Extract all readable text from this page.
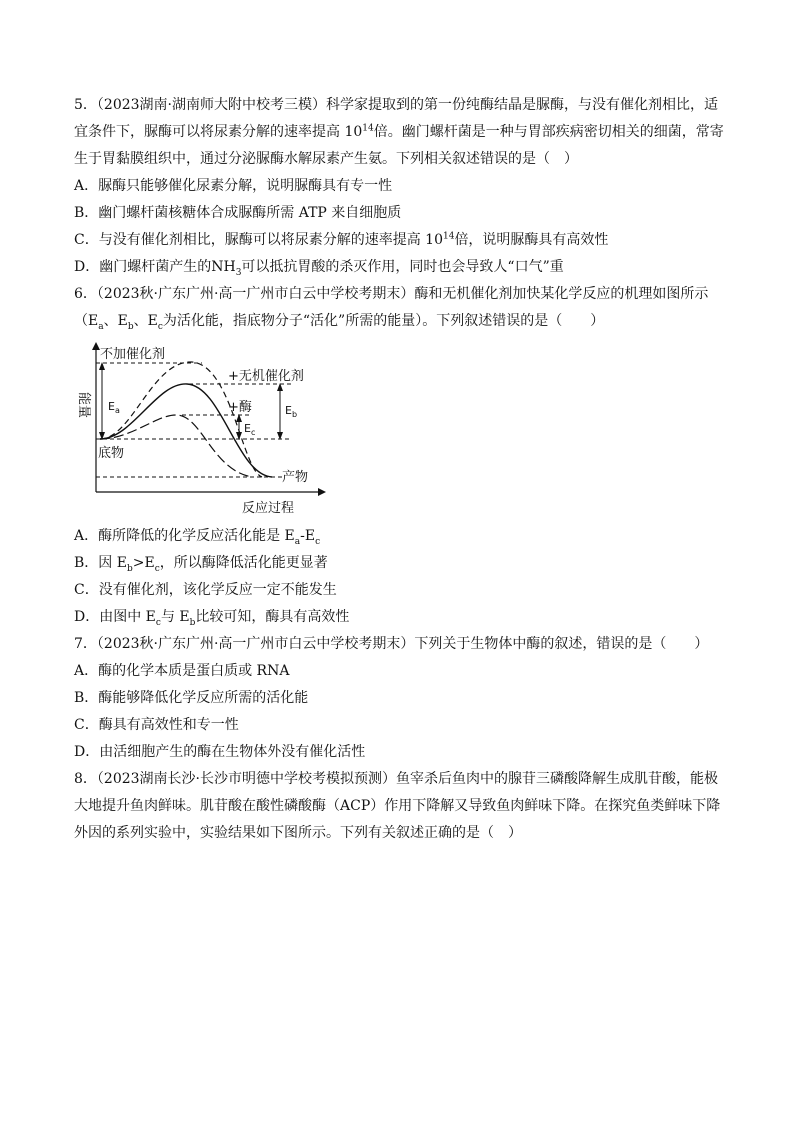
5．（2023湖南·湖南师大附中校考三模）科学家提取到的第一份纯酶结晶是脲酶，与没有催化剂相比，适
宜条件下，脲酶可以将尿素分解的速率提高 $10^{14}$倍。幽门螺杆菌是一种与胃部疾病密切相关的细菌，常寄
生于胃黏膜组织中，通过分泌脲酶水解尿素产生氨。下列相关叙述错误的是（　）
A．脲酶只能够催化尿素分解，说明脲酶具有专一性
B．幽门螺杆菌核糖体合成脲酶所需 ATP 来自细胞质
C．与没有催化剂相比，脲酶可以将尿素分解的速率提高 $10^{14}$倍，说明脲酶具有高效性
D．幽门螺杆菌产生的$NH_3$可以抵抗胃酸的杀灭作用，同时也会导致人“口气”重
6．（2023秋·广东广州·高一广州市白云中学校考期末）酶和无机催化剂加快某化学反应的机理如图所示
（$E_a$、$E_b$、$E_c$为活化能，指底物分子“活化”所需的能量）。下列叙述错误的是（　　）
不加催化剂
+无机催化剂
+酶
能量 $E_a$	$E_b$
$E_c$
底物
产物
反应过程
A．酶所降低的化学反应活化能是 $E_a-E_c$
B．因 $E_b>E_c$，所以酶降低活化能更显著
C．没有催化剂，该化学反应一定不能发生
D．由图中 $E_c$与 $E_b$比较可知，酶具有高效性
7．（2023秋·广东广州·高一广州市白云中学校考期末）下列关于生物体中酶的叙述，错误的是（　　）
A．酶的化学本质是蛋白质或 RNA
B．酶能够降低化学反应所需的活化能
C．酶具有高效性和专一性
D．由活细胞产生的酶在生物体外没有催化活性
8．（2023湖南长沙·长沙市明德中学校考模拟预测）鱼宰杀后鱼肉中的腺苷三磷酸降解生成肌苷酸，能极
大地提升鱼肉鲜味。肌苷酸在酸性磷酸酶（ACP）作用下降解又导致鱼肉鲜味下降。在探究鱼类鲜味下降
外因的系列实验中，实验结果如下图所示。下列有关叙述正确的是（　）
